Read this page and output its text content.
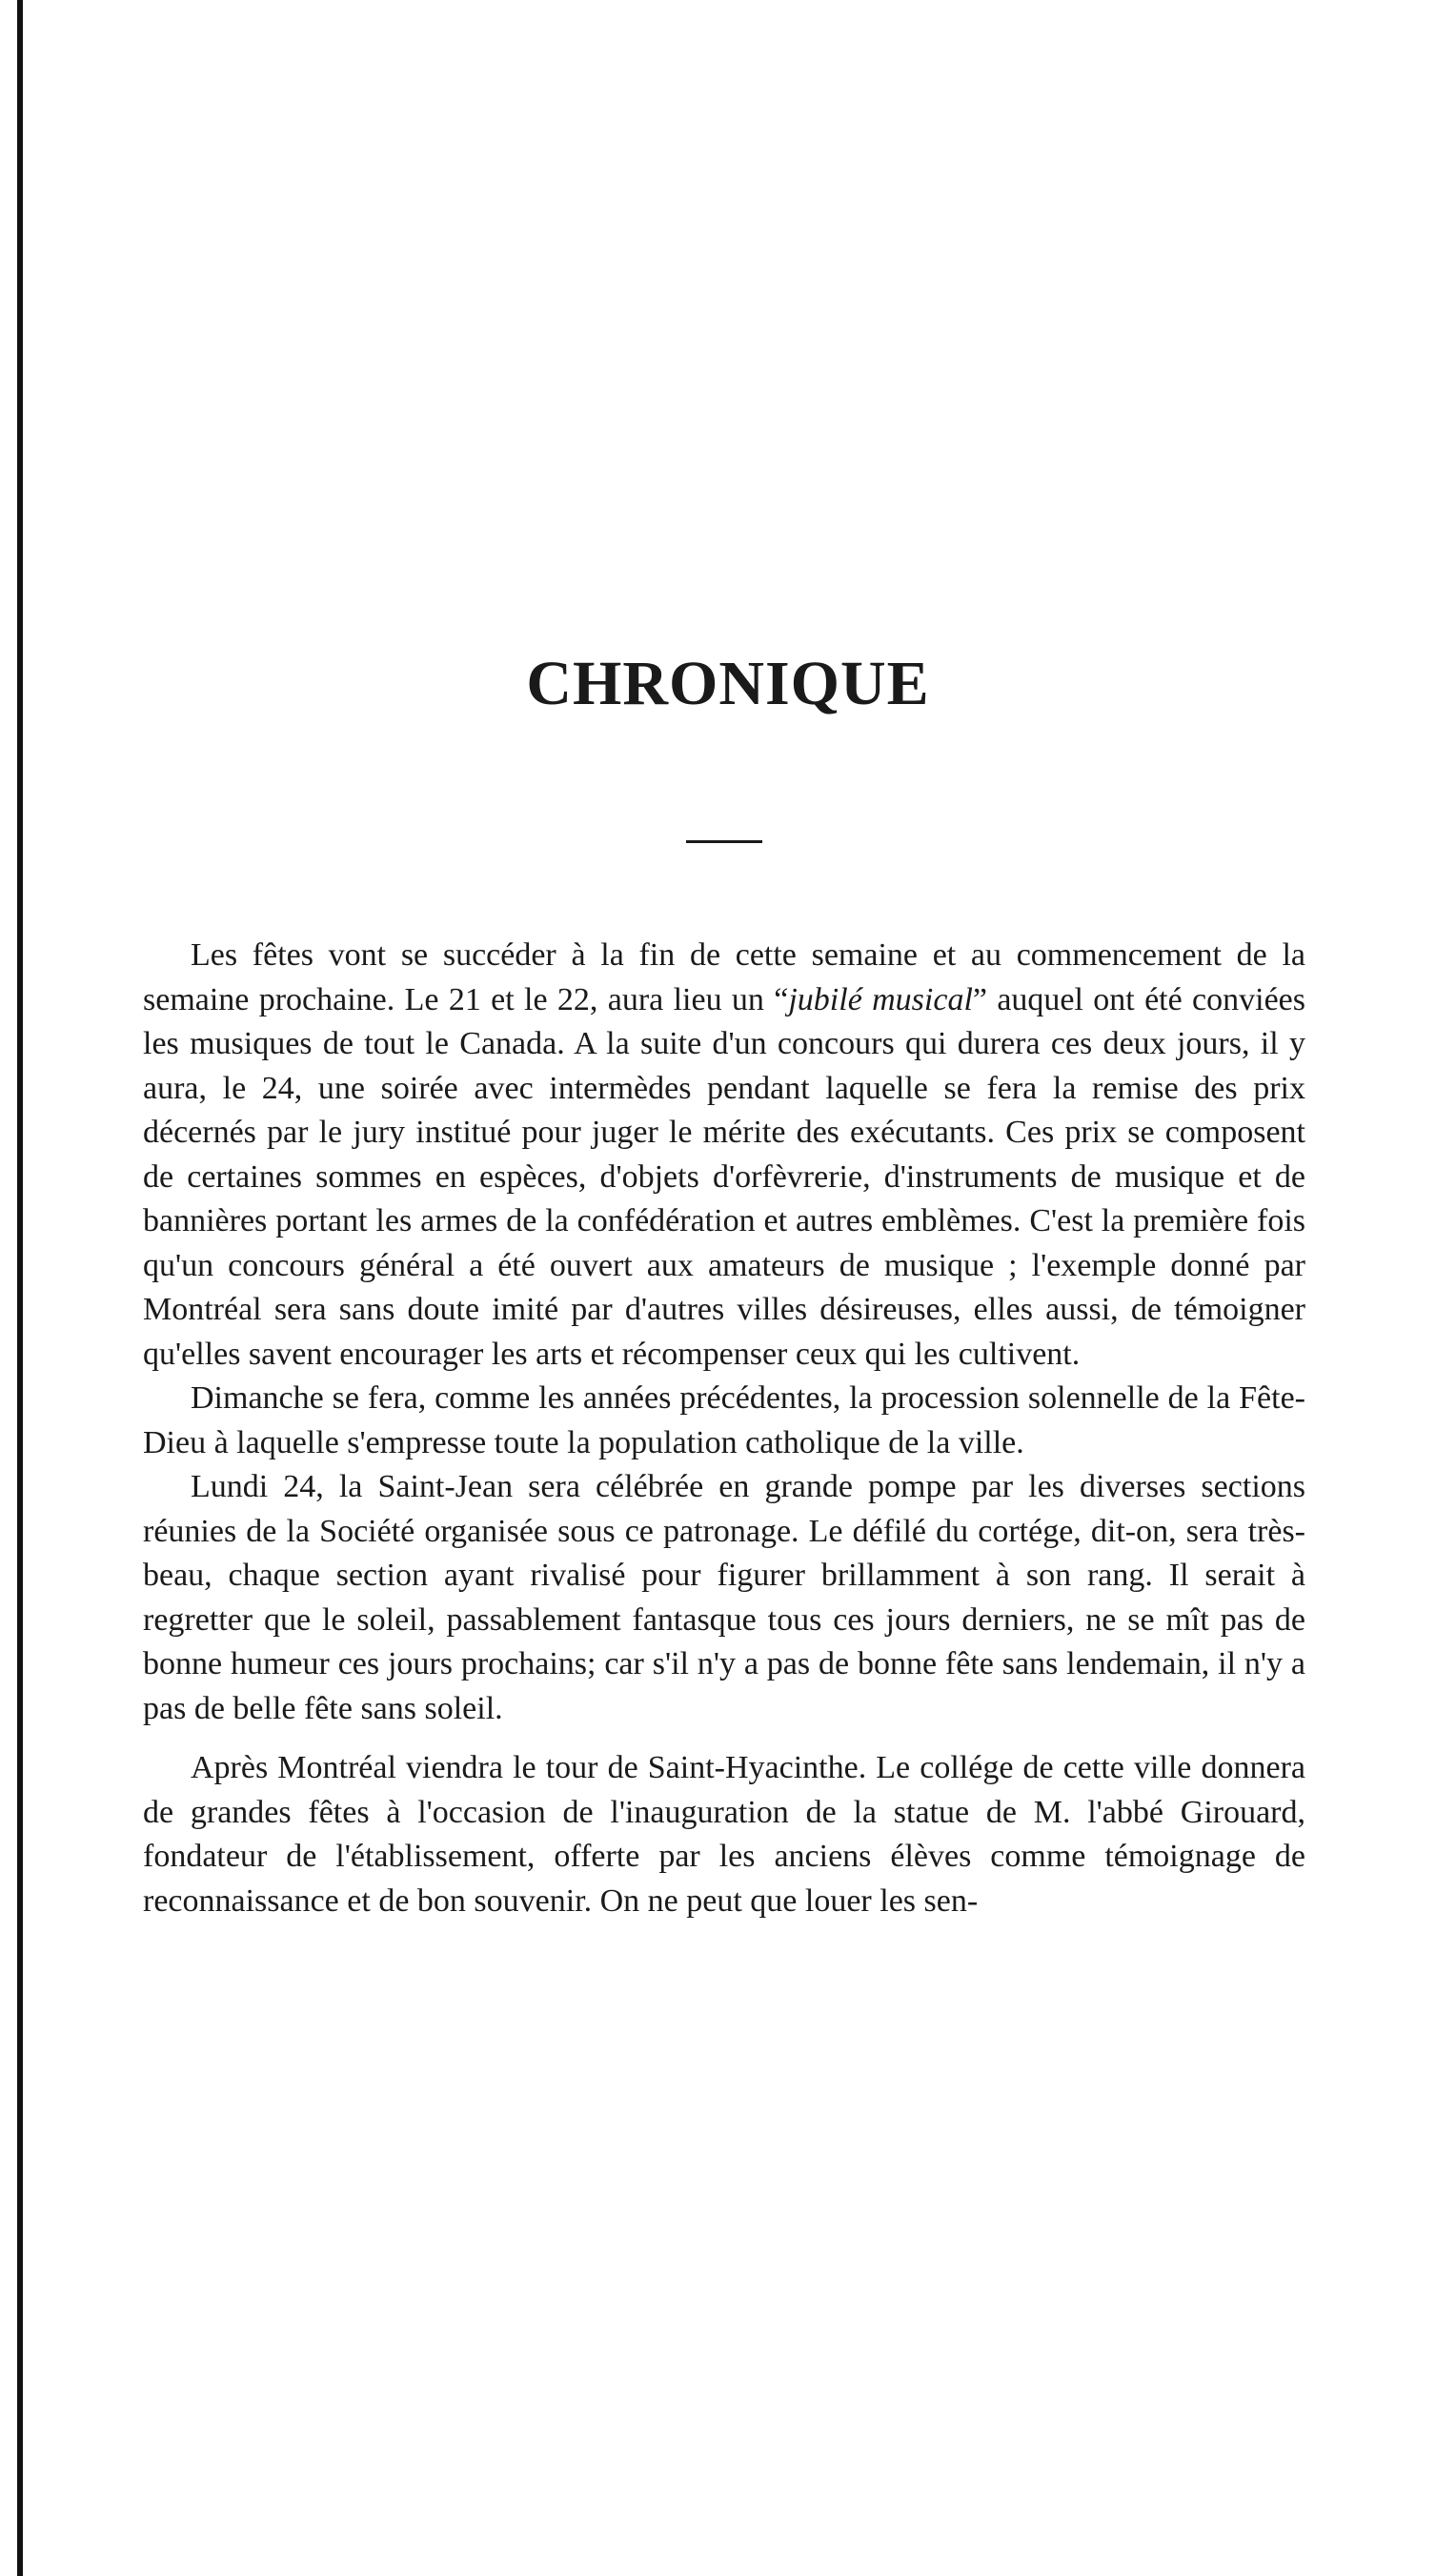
CHRONIQUE

Les fêtes vont se succéder à la fin de cette semaine et au commencement de la semaine prochaine. Le 21 et le 22, aura lieu un “jubilé musical” auquel ont été conviées les musiques de tout le Canada. A la suite d'un concours qui durera ces deux jours, il y aura, le 24, une soirée avec intermèdes pendant laquelle se fera la remise des prix décernés par le jury institué pour juger le mérite des exécutants. Ces prix se composent de certaines sommes en espèces, d'objets d'orfèvrerie, d'instruments de musique et de bannières portant les armes de la confédération et autres emblèmes. C'est la première fois qu'un concours général a été ouvert aux amateurs de musique ; l'exemple donné par Montréal sera sans doute imité par d'autres villes désireuses, elles aussi, de témoigner qu'elles savent encourager les arts et récompenser ceux qui les cultivent.

Dimanche se fera, comme les années précédentes, la procession solennelle de la Fête-Dieu à laquelle s'empresse toute la population catholique de la ville.

Lundi 24, la Saint-Jean sera célébrée en grande pompe par les diverses sections réunies de la Société organisée sous ce patronage. Le défilé du cortége, dit-on, sera très-beau, chaque section ayant rivalisé pour figurer brillamment à son rang. Il serait à regretter que le soleil, passablement fantasque tous ces jours derniers, ne se mît pas de bonne humeur ces jours prochains; car s'il n'y a pas de bonne fête sans lendemain, il n'y a pas de belle fête sans soleil.

Après Montréal viendra le tour de Saint-Hyacinthe. Le collége de cette ville donnera de grandes fêtes à l'occasion de l'inauguration de la statue de M. l'abbé Girouard, fondateur de l'établissement, offerte par les anciens élèves comme témoignage de reconnaissance et de bon souvenir. On ne peut que louer les sen-
